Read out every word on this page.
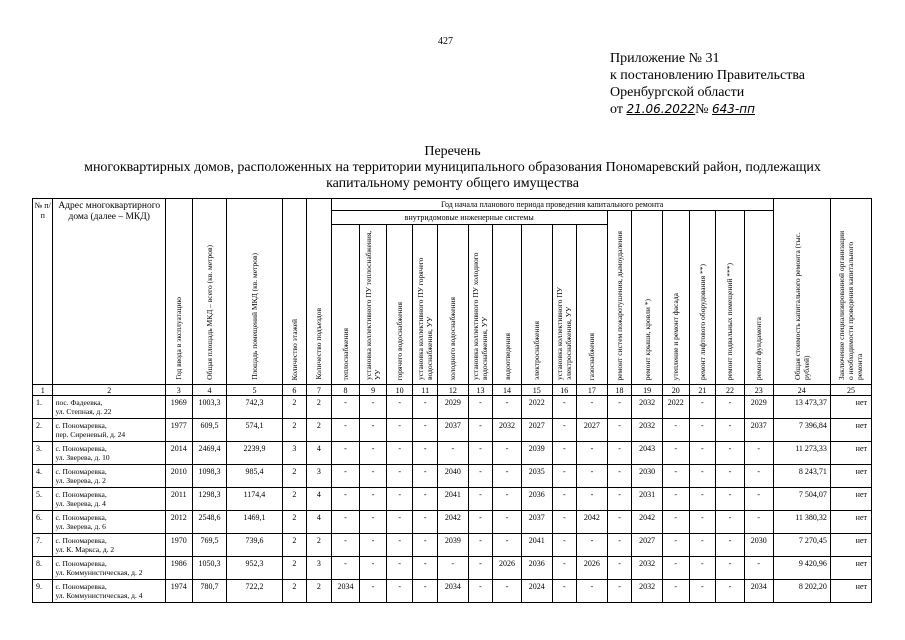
427
Приложение № 31
к постановлению Правительства
Оренбургской области
от 21.06.2022№ 643-пп
Перечень
многоквартирных домов, расположенных на территории муниципального образования Пономаревский район, подлежащих
капитальному ремонту общего имущества
№ п/п	Адрес многоквартирного дома (далее – МКД)	Год ввода в эксплуатацию	Общая площадь МКД – всего (кв. метров)	Площадь помещений МКД (кв. метров)	Количество этажей	Количество подъездов	Год начала планового периода проведения капитального ремонта																Общая стоимость капитального ремонта (тыс. рублей)	Заключение специализированной организации о необходимости проведения капитального ремонта

							внутридомовые инженерные системы										ремонт систем пожаротушения, дымоудаления	ремонт крыши, кровли *)	утепление и ремонт фасада	ремонт лифтового оборудования **)	ремонт подвальных помещений ***)	ремонт фундамента		

							теплоснабжения	установка коллективного ПУ теплоснабжения, УУ	горячего водоснабжения	установка коллективного ПУ горячего водоснабжения, УУ	холодного водоснабжения	установка коллективного ПУ холодного водоснабжения, УУ	водоотведения	электроснабжения	установка коллективного ПУ электроснабжения, УУ	газоснабжения								

1	2	3	4	5	6	7	8	9	10	11	12	13	14	15	16	17	18	19	20	21	22	23	24	25
1.	пос. Фадеевка,
ул. Степная, д. 22	1969	1003,3	742,3	2	2	-	-	-	-	2029	-	-	2022	-	-	-	2032	2022	-	-	2029	13 473,37	нет
2.	с. Пономаревка,
пер. Сиреневый, д. 24	1977	609,5	574,1	2	2	-	-	-	-	2037	-	2032	2027	-	2027	-	2032	-	-	-	2037	7 396,84	нет
3.	с. Пономаревка,
ул. Зверева, д. 10	2014	2469,4	2239,9	3	4	-	-	-	-	-	-	-	2039	-	-	-	2043	-	-	-	-	11 273,33	нет
4.	с. Пономаревка,
ул. Зверева, д. 2	2010	1098,3	985,4	2	3	-	-	-	-	2040	-	-	2035	-	-	-	2030	-	-	-	-	8 243,71	нет
5.	с. Пономаревка,
ул. Зверева, д. 4	2011	1298,3	1174,4	2	4	-	-	-	-	2041	-	-	2036	-	-	-	2031	-	-	-	-	7 504,07	нет
6.	с. Пономаревка,
ул. Зверева, д. 6	2012	2548,6	1469,1	2	4	-	-	-	-	2042	-	-	2037	-	2042	-	2042	-	-	-	-	11 380,32	нет
7.	с. Пономаревка,
ул. К. Маркса, д. 2	1970	769,5	739,6	2	2	-	-	-	-	2039	-	-	2041	-	-	-	2027	-	-	-	2030	7 270,45	нет
8.	с. Пономаревка,
ул. Коммунистическая, д. 2	1986	1050,3	952,3	2	3	-	-	-	-	-	-	2026	2036	-	2026	-	2032	-	-	-	-	9 420,96	нет
9.	с. Пономаревка,
ул. Коммунистическая, д. 4	1974	780,7	722,2	2	2	2034	-	-	-	2034	-	-	2024	-	-	-	2032	-	-	-	2034	8 202,20	нет
